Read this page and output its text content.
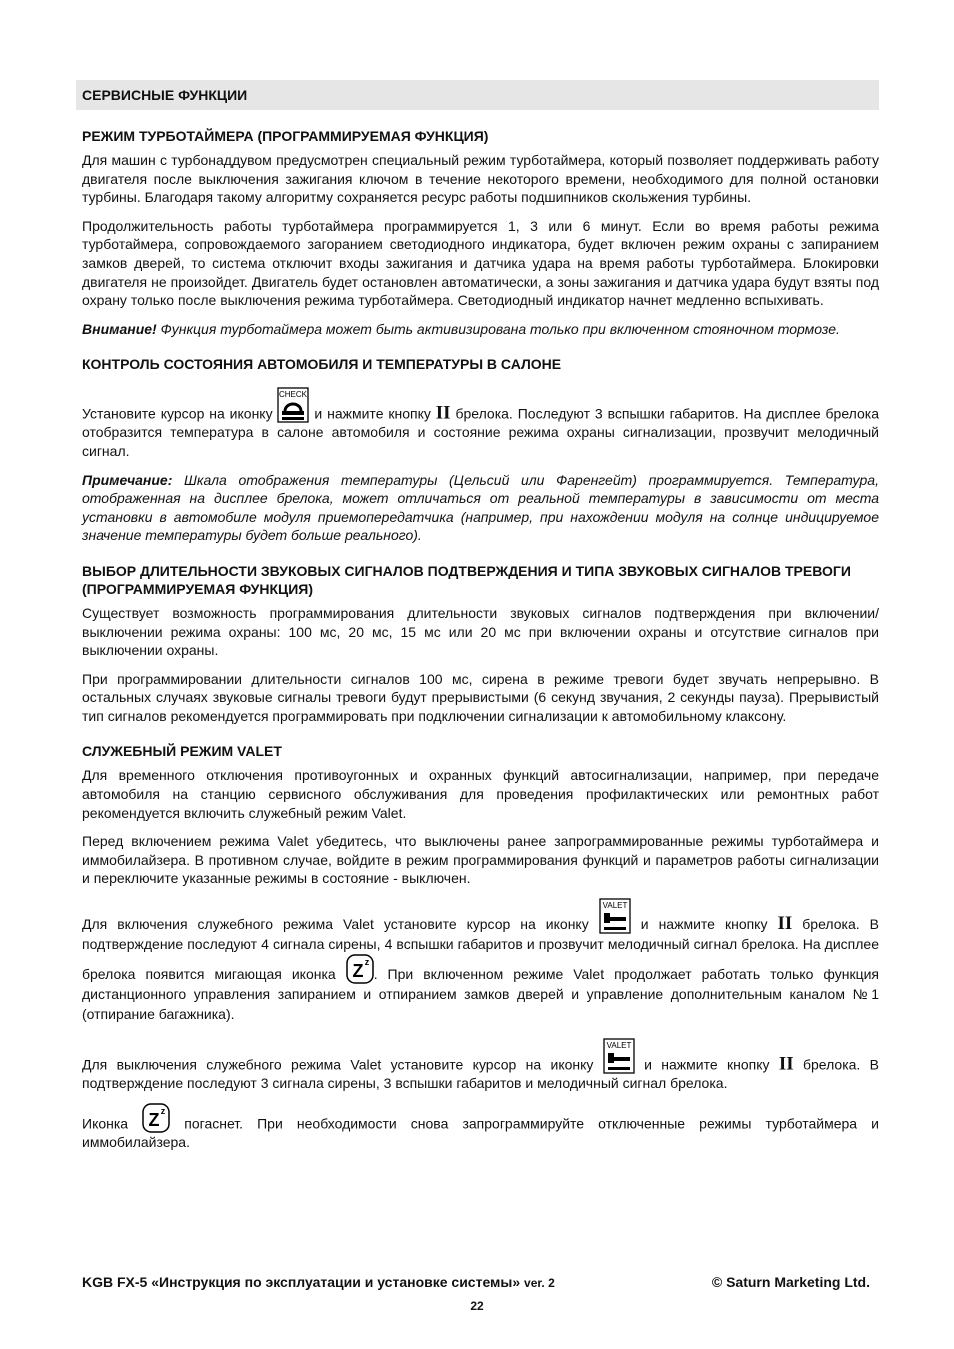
СЕРВИСНЫЕ ФУНКЦИИ
РЕЖИМ ТУРБОТАЙМЕРА (ПРОГРАММИРУЕМАЯ ФУНКЦИЯ)

Для машин с турбонаддувом предусмотрен специальный режим турботаймера, который позволяет поддерживать работу двигателя после выключения зажигания ключом в течение некоторого времени, необходимого для полной остановки турбины. Благодаря такому алгоритму сохраняется ресурс работы подшипников скольжения турбины.

Продолжительность работы турботаймера программируется 1, 3 или 6 минут. Если во время работы режима турботаймера, сопровождаемого загоранием светодиодного индикатора, будет включен режим охраны с запиранием замков дверей, то система отключит входы зажигания и датчика удара на время работы турботаймера. Блокировки двигателя не произойдет. Двигатель будет остановлен автоматически, а зоны зажигания и датчика удара будут взяты под охрану только после выключения режима турботаймера. Светодиодный индикатор начнет медленно вспыхивать.

Внимание! Функция турботаймера может быть активизирована только при включенном стояночном тормозе.

КОНТРОЛЬ СОСТОЯНИЯ АВТОМОБИЛЯ И ТЕМПЕРАТУРЫ В САЛОНЕ

Установите курсор на иконку
CHECK
и нажмите кнопку II брелока. Последуют 3 вспышки габаритов. На дисплее брелока отобразится температура в салоне автомобиля и состояние режима охраны сигнализации, прозвучит мелодичный сигнал.

Примечание: Шкала отображения температуры (Цельсий или Фаренгейт) программируется. Температура, отображенная на дисплее брелока, может отличаться от реальной температуры в зависимости от места установки в автомобиле модуля приемопередатчика (например, при нахождении модуля на солнце индицируемое значение температуры будет больше реального).

ВЫБОР ДЛИТЕЛЬНОСТИ ЗВУКОВЫХ СИГНАЛОВ ПОДТВЕРЖДЕНИЯ И ТИПА ЗВУКОВЫХ СИГНАЛОВ ТРЕВОГИ (ПРОГРАММИРУЕМАЯ ФУНКЦИЯ)

Существует возможность программирования длительности звуковых сигналов подтверждения при включении/выключении режима охраны: 100 мс, 20 мс, 15 мс или 20 мс при включении охраны и отсутствие сигналов при выключении охраны.

При программировании длительности сигналов 100 мс, сирена в режиме тревоги будет звучать непрерывно. В остальных случаях звуковые сигналы тревоги будут прерывистыми (6 секунд звучания, 2 секунды пауза). Прерывистый тип сигналов рекомендуется программировать при подключении сигнализации к автомобильному клаксону.

СЛУЖЕБНЫЙ РЕЖИМ VALET

Для временного отключения противоугонных и охранных функций автосигнализации, например, при передаче автомобиля на станцию сервисного обслуживания для проведения профилактических или ремонтных работ рекомендуется включить служебный режим Valet.

Перед включением режима Valet убедитесь, что выключены ранее запрограммированные режимы турботаймера и иммобилайзера. В противном случае, войдите в режим программирования функций и параметров работы сигнализации и переключите указанные режимы в состояние - выключен.

Для включения служебного режима Valet установите курсор на иконку
VALET
и нажмите кнопку II брелока. В подтверждение последуют 4 сигнала сирены, 4 вспышки габаритов и прозвучит мелодичный сигнал брелока. На дисплее брелока появится мигающая иконка Z z
. При включенном режиме Valet продолжает работать только функция дистанционного управления запиранием и отпиранием замков дверей и управление дополнительным каналом №1 (отпирание багажника).

Для выключения служебного режима Valet установите курсор на иконку
VALET
и нажмите кнопку II брелока. В подтверждение последуют 3 сигнала сирены, 3 вспышки габаритов и мелодичный сигнал брелока.

Иконка Z z
погаснет. При необходимости снова запрограммируйте отключенные режимы турботаймера и иммобилайзера.

KGB FX-5 «Инструкция по эксплуатации и установке системы» ver. 2	© Saturn Marketing Ltd.
22
